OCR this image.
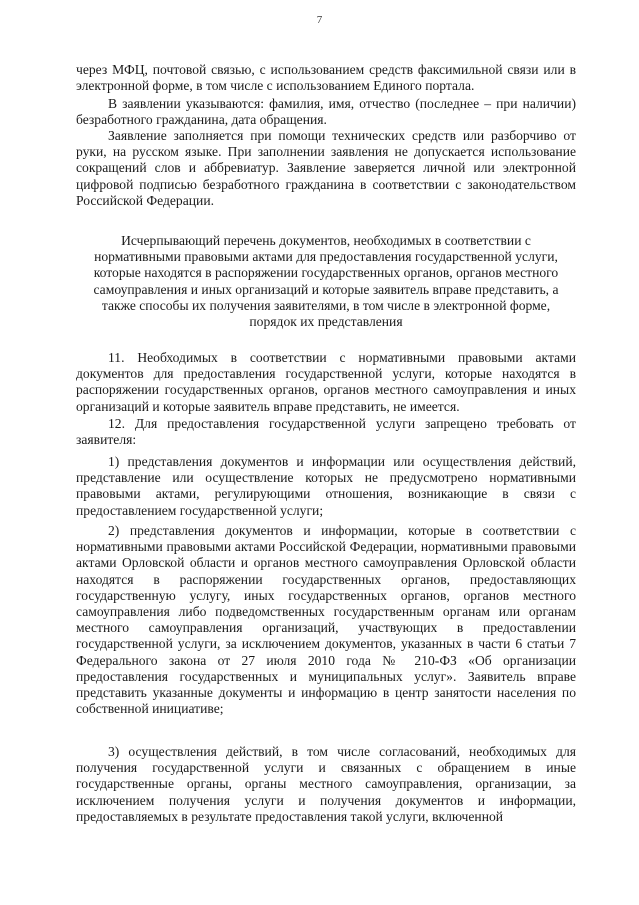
7

через МФЦ, почтовой связью, с использованием средств факсимильной связи или в электронной форме, в том числе с использованием Единого портала.

В заявлении указываются: фамилия, имя, отчество (последнее – при наличии) безработного гражданина, дата обращения.

Заявление заполняется при помощи технических средств или разборчиво от руки, на русском языке. При заполнении заявления не допускается использование сокращений слов и аббревиатур. Заявление заверяется личной или электронной цифровой подписью безработного гражданина в соответствии с законодательством Российской Федерации.

Исчерпывающий перечень документов, необходимых в соответствии с нормативными правовыми актами для предоставления государственной услуги, которые находятся в распоряжении государственных органов, органов местного самоуправления и иных организаций и которые заявитель вправе представить, а также способы их получения заявителями, в том числе в электронной форме, порядок их представления

11. Необходимых в соответствии с нормативными правовыми актами документов для предоставления государственной услуги, которые находятся в распоряжении государственных органов, органов местного самоуправления и иных организаций и которые заявитель вправе представить, не имеется.

12. Для предоставления государственной услуги запрещено требовать от заявителя:

1) представления документов и информации или осуществления действий, представление или осуществление которых не предусмотрено нормативными правовыми актами, регулирующими отношения, возникающие в связи с предоставлением государственной услуги;

2) представления документов и информации, которые в соответствии с нормативными правовыми актами Российской Федерации, нормативными правовыми актами Орловской области и органов местного самоуправления Орловской области находятся в распоряжении государственных органов, предоставляющих государственную услугу, иных государственных органов, органов местного самоуправления либо подведомственных государственным органам или органам местного самоуправления организаций, участвующих в предоставлении государственной услуги, за исключением документов, указанных в части 6 статьи 7 Федерального закона от 27 июля 2010 года № 210-ФЗ «Об организации предоставления государственных и муниципальных услуг». Заявитель вправе представить указанные документы и информацию в центр занятости населения по собственной инициативе;

3) осуществления действий, в том числе согласований, необходимых для получения государственной услуги и связанных с обращением в иные государственные органы, органы местного самоуправления, организации, за исключением получения услуги и получения документов и информации, предоставляемых в результате предоставления такой услуги, включенной
